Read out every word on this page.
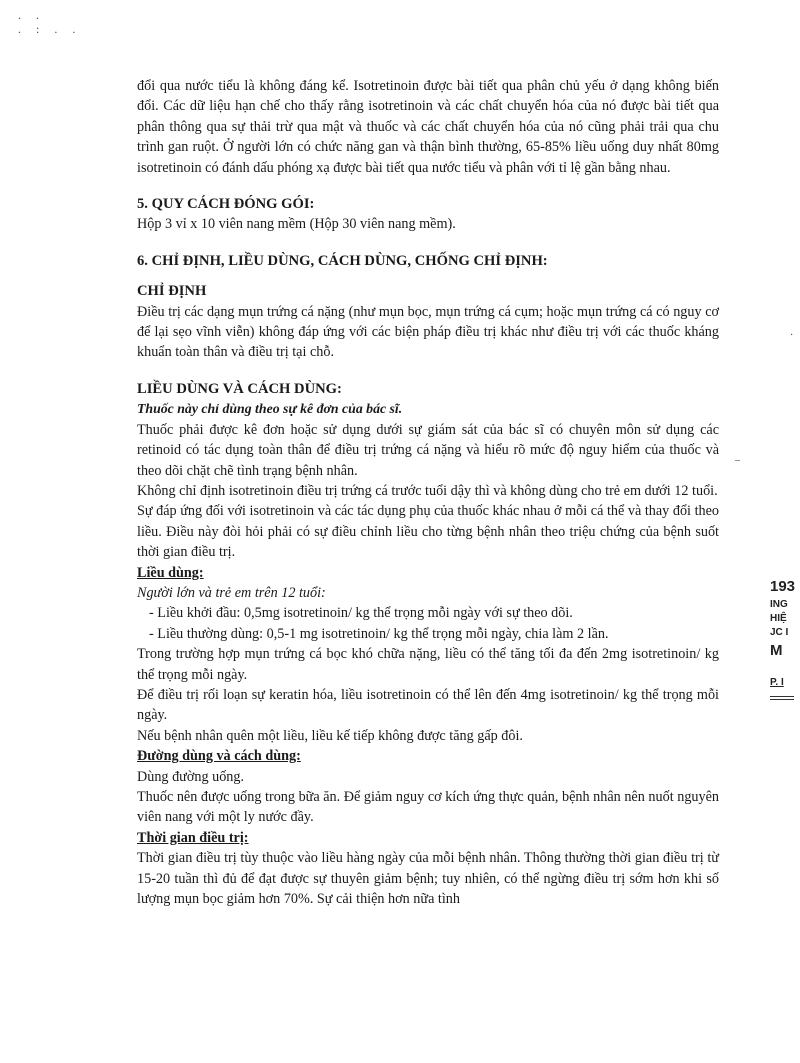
. .
. : . .

đổi qua nước tiểu là không đáng kể. Isotretinoin được bài tiết qua phân chủ yếu ở dạng không biến đổi. Các dữ liệu hạn chế cho thấy rằng isotretinoin và các chất chuyển hóa của nó được bài tiết qua phân thông qua sự thải trừ qua mật và thuốc và các chất chuyển hóa của nó cũng phải trải qua chu trình gan ruột. Ở người lớn có chức năng gan và thận bình thường, 65-85% liều uống duy nhất 80mg isotretinoin có đánh dấu phóng xạ được bài tiết qua nước tiểu và phân với tỉ lệ gần bằng nhau.

5. QUY CÁCH ĐÓNG GÓI:

Hộp 3 vỉ x 10 viên nang mềm (Hộp 30 viên nang mềm).

6. CHỈ ĐỊNH, LIỀU DÙNG, CÁCH DÙNG, CHỐNG CHỈ ĐỊNH:

CHỈ ĐỊNH

Điều trị các dạng mụn trứng cá nặng (như mụn bọc, mụn trứng cá cụm; hoặc mụn trứng cá có nguy cơ để lại sẹo vĩnh viễn) không đáp ứng với các biện pháp điều trị khác như điều trị với các thuốc kháng khuẩn toàn thân và điều trị tại chỗ.

LIỀU DÙNG VÀ CÁCH DÙNG:

Thuốc này chỉ dùng theo sự kê đơn của bác sĩ.

Thuốc phải được kê đơn hoặc sử dụng dưới sự giám sát của bác sĩ có chuyên môn sử dụng các retinoid có tác dụng toàn thân để điều trị trứng cá nặng và hiểu rõ mức độ nguy hiểm của thuốc và theo dõi chặt chẽ tình trạng bệnh nhân.

Không chỉ định isotretinoin điều trị trứng cá trước tuổi dậy thì và không dùng cho trẻ em dưới 12 tuổi.

Sự đáp ứng đối với isotretinoin và các tác dụng phụ của thuốc khác nhau ở mỗi cá thể và thay đổi theo liều. Điều này đòi hỏi phải có sự điều chỉnh liều cho từng bệnh nhân theo triệu chứng của bệnh suốt thời gian điều trị.

Liều dùng:

Người lớn và trẻ em trên 12 tuổi:

- Liều khởi đầu: 0,5mg isotretinoin/ kg thể trọng mỗi ngày với sự theo dõi.

- Liều thường dùng: 0,5-1 mg isotretinoin/ kg thể trọng mỗi ngày, chia làm 2 lần.

Trong trường hợp mụn trứng cá bọc khó chữa nặng, liều có thể tăng tối đa đến 2mg isotretinoin/ kg thể trọng mỗi ngày.

Để điều trị rối loạn sự keratin hóa, liều isotretinoin có thể lên đến 4mg isotretinoin/ kg thể trọng mỗi ngày.

Nếu bệnh nhân quên một liều, liều kế tiếp không được tăng gấp đôi.

Đường dùng và cách dùng:

Dùng đường uống.

Thuốc nên được uống trong bữa ăn. Để giảm nguy cơ kích ứng thực quản, bệnh nhân nên nuốt nguyên viên nang với một ly nước đầy.

Thời gian điều trị:

Thời gian điều trị tùy thuộc vào liều hàng ngày của mỗi bệnh nhân. Thông thường thời gian điều trị từ 15-20 tuần thì đủ để đạt được sự thuyên giảm bệnh; tuy nhiên, có thể ngừng điều trị sớm hơn khi số lượng mụn bọc giảm hơn 70%. Sự cải thiện hơn nữa tình

193
ING
HIỆ
JC I
M
P. I
·
–
